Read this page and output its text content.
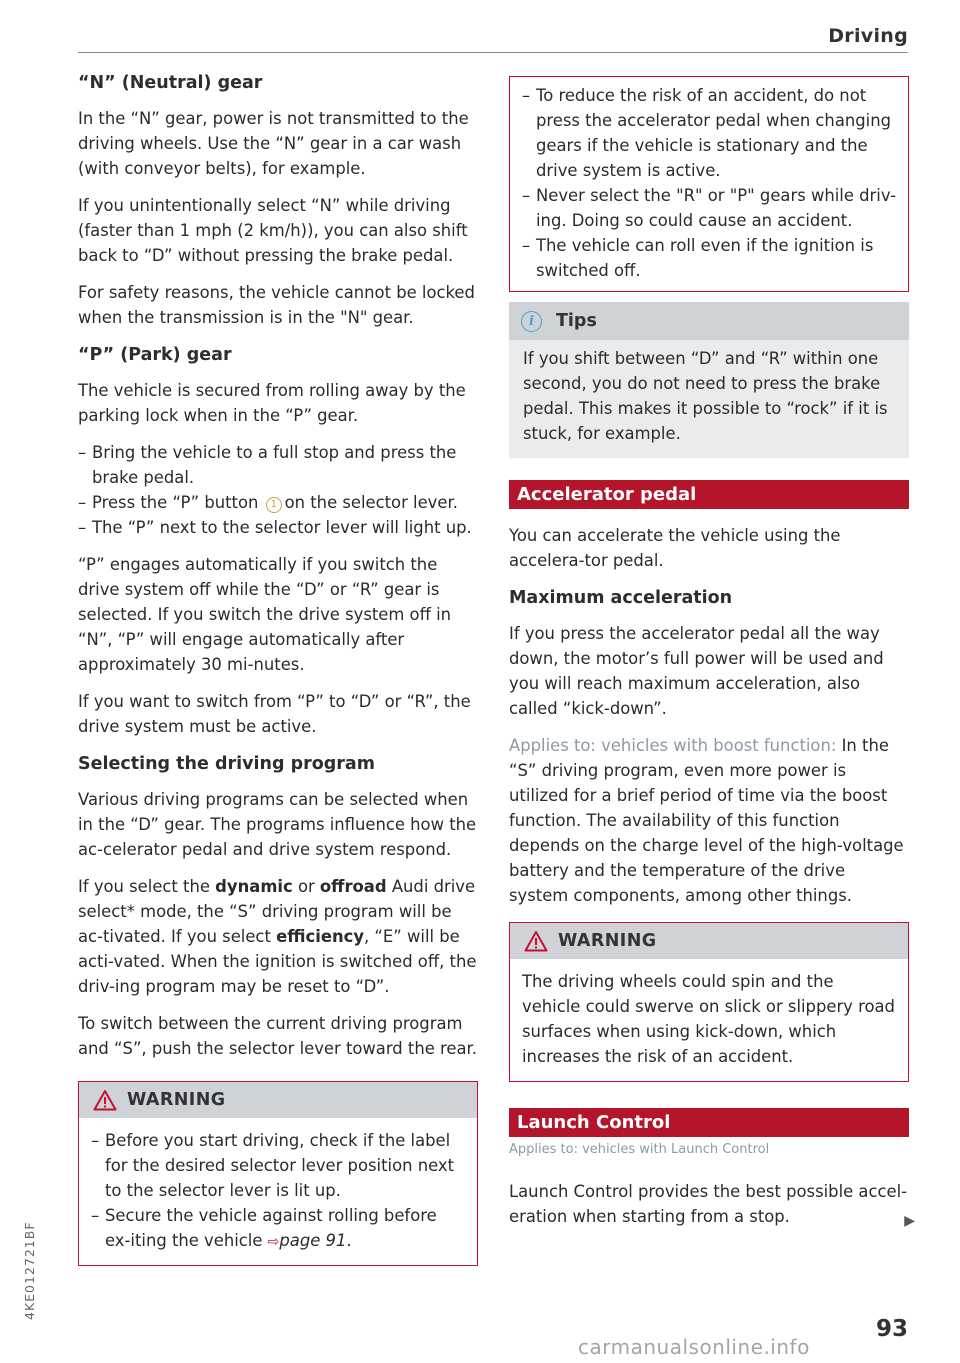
Driving
“N” (Neutral) gear

In the “N” gear, power is not transmitted to the driving wheels. Use the “N” gear in a car wash (with conveyor belts), for example.

If you unintentionally select “N” while driving (faster than 1 mph (2 km/h)), you can also shift back to “D” without pressing the brake pedal.

For safety reasons, the vehicle cannot be locked when the transmission is in the "N" gear.

“P” (Park) gear

The vehicle is secured from rolling away by the parking lock when in the “P” gear.

– Bring the vehicle to a full stop and press the brake pedal.
– Press the “P” button 1 on the selector lever.
– The “P” next to the selector lever will light up.

“P” engages automatically if you switch the drive system off while the “D” or “R” gear is selected. If you switch the drive system off in “N”, “P” will engage automatically after approximately 30 mi-nutes.

If you want to switch from “P” to “D” or “R”, the drive system must be active.

Selecting the driving program

Various driving programs can be selected when in the “D” gear. The programs influence how the ac-celerator pedal and drive system respond.

If you select the dynamic or offroad Audi drive select* mode, the “S” driving program will be ac-tivated. If you select efficiency, “E” will be acti-vated. When the ignition is switched off, the driv-ing program may be reset to “D”.

To switch between the current driving program and “S”, push the selector lever toward the rear.

WARNING
– Before you start driving, check if the label for the desired selector lever position next to the selector lever is lit up.
– Secure the vehicle against rolling before ex-iting the vehicle ⇨page 91.
– To reduce the risk of an accident, do not press the accelerator pedal when changing gears if the vehicle is stationary and the drive system is active.
– Never select the "R" or "P" gears while driv-ing. Doing so could cause an accident.
– The vehicle can roll even if the ignition is switched off.
i	Tips

If you shift between “D” and “R” within one second, you do not need to press the brake pedal. This makes it possible to “rock” if it is stuck, for example.

Accelerator pedal

You can accelerate the vehicle using the accelera-tor pedal.

Maximum acceleration

If you press the accelerator pedal all the way down, the motor’s full power will be used and you will reach maximum acceleration, also called “kick-down”.

Applies to: vehicles with boost function: In the “S” driving program, even more power is utilized for a brief period of time via the boost function. The availability of this function depends on the charge level of the high-voltage battery and the temperature of the drive system components, among other things.

WARNING

The driving wheels could spin and the vehicle could swerve on slick or slippery road surfaces when using kick-down, which increases the risk of an accident.

Launch Control
Applies to: vehicles with Launch Control

Launch Control provides the best possible accel-eration when starting from a stop.	▶
4KE012721BF
93
carmanualsonline.info
